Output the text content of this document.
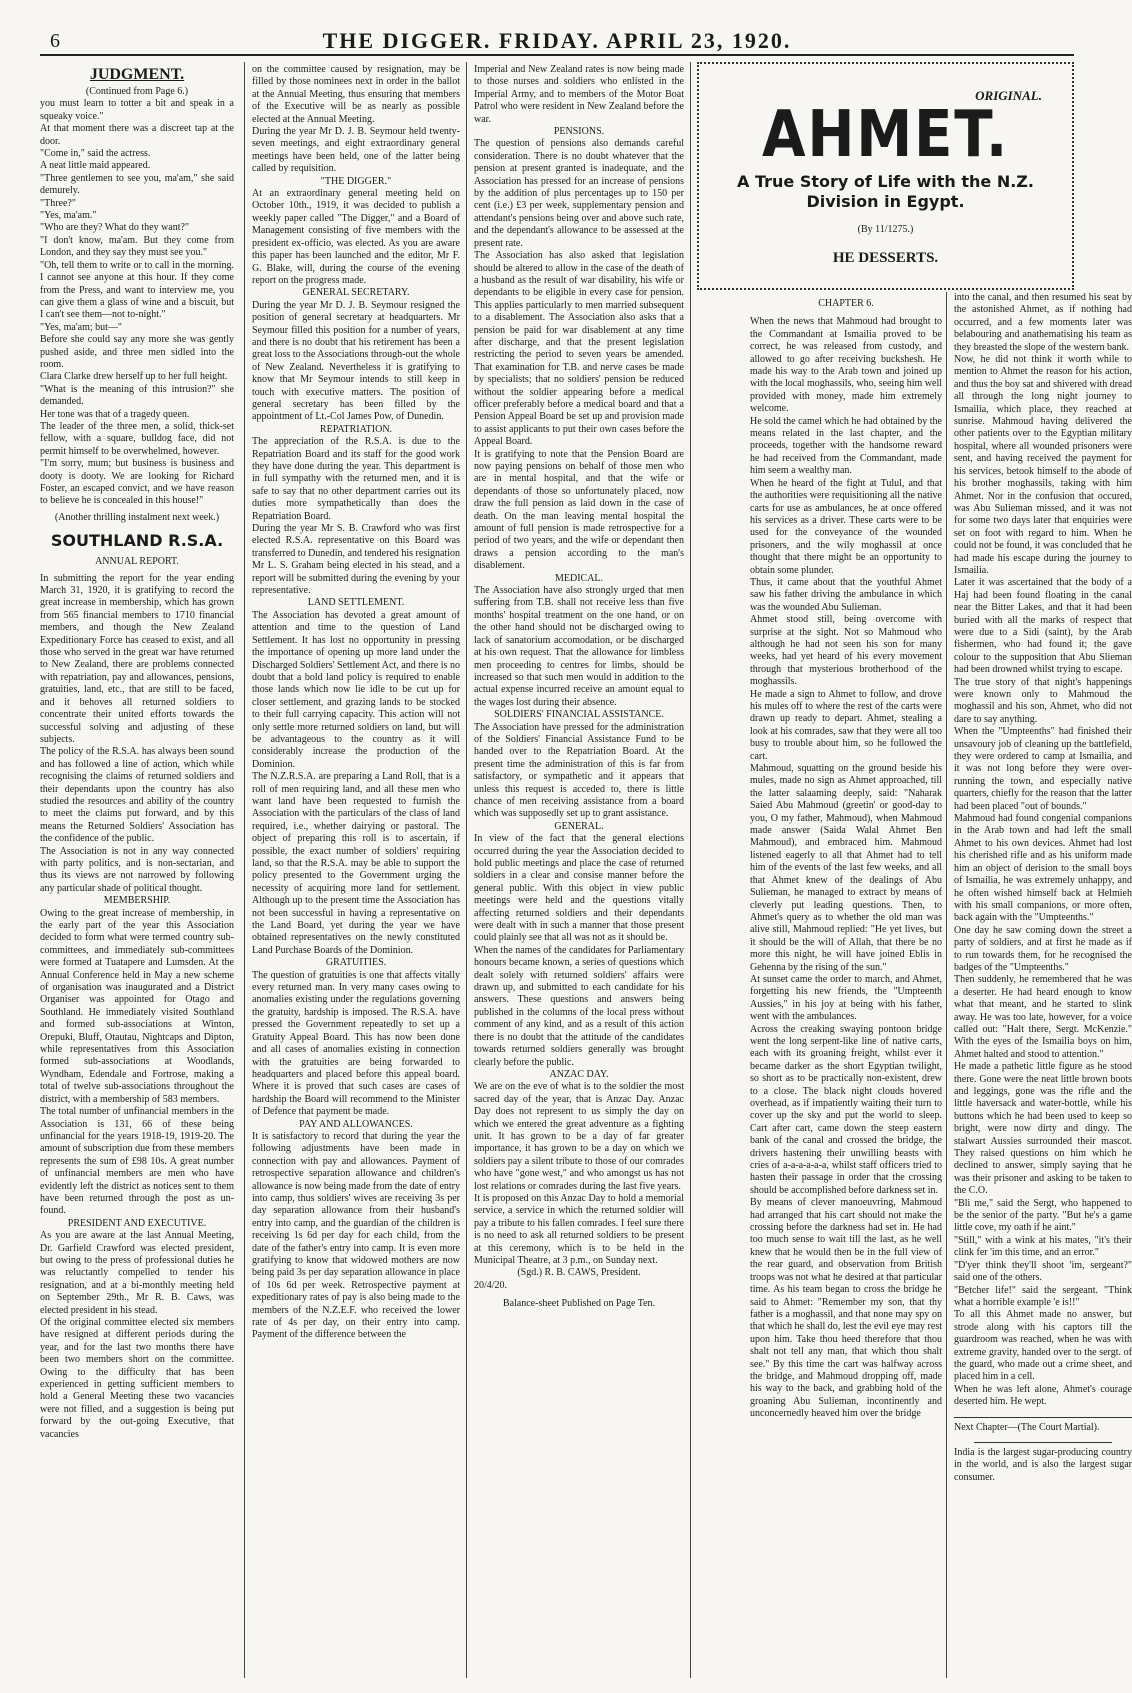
6	THE DIGGER. FRIDAY. APRIL 23, 1920.
JUDGMENT.
(Continued from Page 6.)
you must learn to totter a bit and speak in a squeaky voice."
At that moment there was a discreet tap at the door.
"Come in," said the actress.
A neat little maid appeared.
"Three gentlemen to see you, ma'am," she said demurely.
"Three?"
"Yes, ma'am."
"Who are they? What do they want?"
"I don't know, ma'am. But they come from London, and they say they must see you."
"Oh, tell them to write or to call in the morning. I cannot see anyone at this hour. If they come from the Press, and want to interview me, you can give them a glass of wine and a biscuit, but I can't see them—not to-night."
"Yes, ma'am; but—"
Before she could say any more she was gently pushed aside, and three men sidled into the room.
Clara Clarke drew herself up to her full height.
"What is the meaning of this intrusion?" she demanded.
Her tone was that of a tragedy queen.
The leader of the three men, a solid, thick-set fellow, with a square, bulldog face, did not permit himself to be overwhelmed, however.
"I'm sorry, mum; but business is business and dooty is dooty. We are looking for Richard Foster, an escaped convict, and we have reason to believe he is concealed in this house!"
(Another thrilling instalment next week.)
SOUTHLAND R.S.A.
ANNUAL REPORT.
In submitting the report for the year ending March 31, 1920, it is gratifying to record the great increase in membership, which has grown from 565 financial members to 1710 financial members, and though the New Zealand Expeditionary Force has ceased to exist, and all those who served in the great war have returned to New Zealand, there are problems connected with repatriation, pay and allowances, pensions, gratuities, land, etc., that are still to be faced, and it behoves all returned soldiers to concentrate their united efforts towards the successful solving and adjusting of these subjects.
The policy of the R.S.A. has always been sound and has followed a line of action, which while recognising the claims of returned soldiers and their dependants upon the country has also studied the resources and ability of the country to meet the claims put forward, and by this means the Returned Soldiers' Association has the confidence of the public.
The Association is not in any way connected with party politics, and is non-sectarian, and thus its views are not narrowed by following any particular shade of political thought.
MEMBERSHIP.
Owing to the great increase of membership, in the early part of the year this Association decided to form what were termed country sub-committees, and immediately sub-committees were formed at Tuatapere and Lumsden. At the Annual Conference held in May a new scheme of organisation was inaugurated and a District Organiser was appointed for Otago and Southland. He immediately visited Southland and formed sub-associations at Winton, Orepuki, Bluff, Otautau, Nightcaps and Dipton, while representatives from this Association formed sub-associations at Woodlands, Wyndham, Edendale and Fortrose, making a total of twelve sub-associations throughout the district, with a membership of 583 members.
The total number of unfinancial members in the Association is 131, 66 of these being unfinancial for the years 1918-19, 1919-20. The amount of subscription due from these members represents the sum of £98 10s. A great number of unfinancial members are men who have evidently left the district as notices sent to them have been returned through the post as un-found.
PRESIDENT AND EXECUTIVE.
As you are aware at the last Annual Meeting, Dr. Garfield Crawford was elected president, but owing to the press of professional duties he was reluctantly compelled to tender his resignation, and at a bi-monthly meeting held on September 29th., Mr R. B. Caws, was elected president in his stead.
Of the original committee elected six members have resigned at different periods during the year, and for the last two months there have been two members short on the committee. Owing to the difficulty that has been experienced in getting sufficient members to hold a General Meeting these two vacancies were not filled, and a suggestion is being put forward by the out-going Executive, that vacancies
on the committee caused by resignation, may be filled by those nominees next in order in the ballot at the Annual Meeting, thus ensuring that members of the Executive will be as nearly as possible elected at the Annual Meeting.
During the year Mr D. J. B. Seymour held twenty-seven meetings, and eight extraordinary general meetings have been held, one of the latter being called by requisition.
"THE DIGGER."
At an extraordinary general meeting held on October 10th., 1919, it was decided to publish a weekly paper called "The Digger," and a Board of Management consisting of five members with the president ex-officio, was elected. As you are aware this paper has been launched and the editor, Mr F. G. Blake, will, during the course of the evening report on the progress made.
GENERAL SECRETARY.
During the year Mr D. J. B. Seymour resigned the position of general secretary at headquarters. Mr Seymour filled this position for a number of years, and there is no doubt that his retirement has been a great loss to the Associations through-out the whole of New Zealand. Nevertheless it is gratifying to know that Mr Seymour intends to still keep in touch with executive matters. The position of general secretary has been filled by the appointment of Lt.-Col James Pow, of Dunedin.
REPATRIATION.
The appreciation of the R.S.A. is due to the Repatriation Board and its staff for the good work they have done during the year. This department is in full sympathy with the returned men, and it is safe to say that no other department carries out its duties more sympathetically than does the Repatriation Board.
During the year Mr S. B. Crawford who was first elected R.S.A. representative on this Board was transferred to Dunedin, and tendered his resignation Mr L. S. Graham being elected in his stead, and a report will be submitted during the evening by your representative.
LAND SETTLEMENT.
The Association has devoted a great amount of attention and time to the question of Land Settlement. It has lost no opportunity in pressing the importance of opening up more land under the Discharged Soldiers' Settlement Act, and there is no doubt that a bold land policy is required to enable those lands which now lie idle to be cut up for closer settlement, and grazing lands to be stocked to their full carrying capacity. This action will not only settle more returned soldiers on land, but will be advantageous to the country as it will considerably increase the production of the Dominion.
The N.Z.R.S.A. are preparing a Land Roll, that is a roll of men requiring land, and all these men who want land have been requested to furnish the Association with the particulars of the class of land required, i.e., whether dairying or pastoral. The object of preparing this roll is to ascertain, if possible, the exact number of soldiers' requiring land, so that the R.S.A. may be able to support the policy presented to the Government urging the necessity of acquiring more land for settlement. Although up to the present time the Association has not been successful in having a representative on the Land Board, yet during the year we have obtained representatives on the newly constituted Land Purchase Boards of the Dominion.
GRATUITIES.
The question of gratuities is one that affects vitally every returned man. In very many cases owing to anomalies existing under the regulations governing the gratuity, hardship is imposed. The R.S.A. have pressed the Government repeatedly to set up a Gratuity Appeal Board. This has now been done and all cases of anomalies existing in connection with the gratuities are being forwarded to headquarters and placed before this appeal board. Where it is proved that such cases are cases of hardship the Board will recommend to the Minister of Defence that payment be made.
PAY AND ALLOWANCES.
It is satisfactory to record that during the year the following adjustments have been made in connection with pay and allowances. Payment of retrospective separation allowance and children's allowance is now being made from the date of entry into camp, thus soldiers' wives are receiving 3s per day separation allowance from their husband's entry into camp, and the guardian of the children is receiving 1s 6d per day for each child, from the date of the father's entry into camp. It is even more gratifying to know that widowed mothers are now being paid 3s per day separation allowance in place of 10s 6d per week. Retrospective payment at expeditionary rates of pay is also being made to the members of the N.Z.E.F. who received the lower rate of 4s per day, on their entry into camp. Payment of the difference between the
Imperial and New Zealand rates is now being made to those nurses and soldiers who enlisted in the Imperial Army, and to members of the Motor Boat Patrol who were resident in New Zealand before the war.
PENSIONS.
The question of pensions also demands careful consideration. There is no doubt whatever that the pension at present granted is inadequate, and the Association has pressed for an increase of pensions by the addition of plus percentages up to 150 per cent (i.e.) £3 per week, supplementary pension and attendant's pensions being over and above such rate, and the dependant's allowance to be assessed at the present rate.
The Association has also asked that legislation should be altered to allow in the case of the death of a husband as the result of war disability, his wife or dependants to be eligible in every case for pension. This applies particularly to men married subsequent to a disablement. The Association also asks that a pension be paid for war disablement at any time after discharge, and that the present legislation restricting the period to seven years be amended. That examination for T.B. and nerve cases be made by specialists; that no soldiers' pension be reduced without the soldier appearing before a medical officer preferably before a medical board and that a Pension Appeal Board be set up and provision made to assist applicants to put their own cases before the Appeal Board.
It is gratifying to note that the Pension Board are now paying pensions on behalf of those men who are in mental hospital, and that the wife or dependants of those so unfortunately placed, now draw the full pension as laid down in the case of death. On the man leaving mental hospital the amount of full pension is made retrospective for a period of two years, and the wife or dependant then draws a pension according to the man's disablement.
MEDICAL.
The Association have also strongly urged that men suffering from T.B. shall not receive less than five months' hospital treatment on the one hand, or on the other hand should not be discharged owing to lack of sanatorium accomodation, or be discharged at his own request. That the allowance for limbless men proceeding to centres for limbs, should be increased so that such men would in addition to the actual expense incurred receive an amount equal to the wages lost during their absence.
SOLDIERS' FINANCIAL ASSISTANCE.
The Association have pressed for the administration of the Soldiers' Financial Assistance Fund to be handed over to the Repatriation Board. At the present time the administration of this is far from satisfactory, or sympathetic and it appears that unless this request is acceded to, there is little chance of men receiving assistance from a board which was supposedly set up to grant assistance.
GENERAL.
In view of the fact that the general elections occurred during the year the Association decided to hold public meetings and place the case of returned soldiers in a clear and consise manner before the general public. With this object in view public meetings were held and the questions vitally affecting returned soldiers and their dependants were dealt with in such a manner that those present could plainly see that all was not as it should be.
When the names of the candidates for Parliamentary honours became known, a series of questions which dealt solely with returned soldiers' affairs were drawn up, and submitted to each candidate for his answers. These questions and answers being published in the columns of the local press without comment of any kind, and as a result of this action there is no doubt that the attitude of the candidates towards returned soldiers generally was brought clearly before the public.
ANZAC DAY.
We are on the eve of what is to the soldier the most sacred day of the year, that is Anzac Day. Anzac Day does not represent to us simply the day on which we entered the great adventure as a fighting unit. It has grown to be a day of far greater importance, it has grown to be a day on which we soldiers pay a silent tribute to those of our comrades who have "gone west," and who amongst us has not lost relations or comrades during the last five years.
It is proposed on this Anzac Day to hold a memorial service, a service in which the returned soldier will pay a tribute to his fallen comrades. I feel sure there is no need to ask all returned soldiers to be present at this ceremony, which is to be held in the Municipal Theatre, at 3 p.m., on Sunday next.
(Sgd.) R. B. CAWS, President.
20/4/20.
Balance-sheet Published on Page Ten.
ORIGINAL.
AHMET.
A True Story of Life with the N.Z. Division in Egypt.
(By 11/1275.)
HE DESSERTS.
CHAPTER 6.
When the news that Mahmoud had brought to the Commandant at Ismailia proved to be correct, he was released from custody, and allowed to go after receiving buckshesh. He made his way to the Arab town and joined up with the local moghassils, who, seeing him well provided with money, made him extremely welcome.
He sold the camel which he had obtained by the means related in the last chapter, and the proceeds, together with the handsome reward he had received from the Commandant, made him seem a wealthy man.
When he heard of the fight at Tulul, and that the authorities were requisitioning all the native carts for use as ambulances, he at once offered his services as a driver. These carts were to be used for the conveyance of the wounded prisoners, and the wily moghassil at once thought that there might be an opportunity to obtain some plunder.
Thus, it came about that the youthful Ahmet saw his father driving the ambulance in which was the wounded Abu Sulieman.
Ahmet stood still, being overcome with surprise at the sight. Not so Mahmoud who although he had not seen his son for many weeks, had yet heard of his every movement through that mysterious brotherhood of the moghassils.
He made a sign to Ahmet to follow, and drove his mules off to where the rest of the carts were drawn up ready to depart. Ahmet, stealing a look at his comrades, saw that they were all too busy to trouble about him, so he followed the cart.
Mahmoud, squatting on the ground beside his mules, made no sign as Ahmet approached, till the latter salaaming deeply, said: "Naharak Saied Abu Mahmoud (greetin' or good-day to you, O my father, Mahmoud), when Mahmoud made answer (Saida Walal Ahmet Ben Mahmoud), and embraced him. Mahmoud listened eagerly to all that Ahmet had to tell him of the events of the last few weeks, and all that Ahmet knew of the dealings of Abu Sulieman, he managed to extract by means of cleverly put leading questions. Then, to Ahmet's query as to whether the old man was alive still, Mahmoud replied: "He yet lives, but it should be the will of Allah, that there be no more this night, he will have joined Eblis in Gehenna by the rising of the sun."
At sunset came the order to march, and Ahmet, forgetting his new friends, the "Umpteenth Aussies," in his joy at being with his father, went with the ambulances.
Across the creaking swaying pontoon bridge went the long serpent-like line of native carts, each with its groaning freight, whilst ever it became darker as the short Egyptian twilight, so short as to be practically non-existent, drew to a close. The black night clouds hovered overhead, as if impatiently waiting their turn to cover up the sky and put the world to sleep. Cart after cart, came down the steep eastern bank of the canal and crossed the bridge, the drivers hastening their unwilling beasts with cries of a-a-a-a-a-a, whilst staff officers tried to hasten their passage in order that the crossing should be accomplished before darkness set in.
By means of clever manoeuvring, Mahmoud had arranged that his cart should not make the crossing before the darkness had set in. He had too much sense to wait till the last, as he well knew that he would then be in the full view of the rear guard, and observation from British troops was not what he desired at that particular time. As his team began to cross the bridge he said to Ahmet: "Remember my son, that thy father is a moghassil, and that none may spy on that which he shall do, lest the evil eye may rest upon him. Take thou heed therefore that thou shalt not tell any man, that which thou shalt see." By this time the cart was halfway across the bridge, and Mahmoud dropping off, made his way to the back, and grabbing hold of the groaning Abu Sulieman, incontinently and unconcernedly heaved him over the bridge
into the canal, and then resumed his seat by the astonished Ahmet, as if nothing had occurred, and a few moments later was belabouring and anathematising his team as they breasted the slope of the western bank.
Now, he did not think it worth while to mention to Ahmet the reason for his action, and thus the boy sat and shivered with dread all through the long night journey to Ismailia, which place, they reached at sunrise. Mahmoud having delivered the other patients over to the Egyptian military hospital, where all wounded prisoners were sent, and having received the payment for his services, betook himself to the abode of his brother moghassils, taking with him Ahmet. Nor in the confusion that occured, was Abu Sulieman missed, and it was not for some two days later that enquiries were set on foot with regard to him. When he could not be found, it was concluded that he had made his escape during the journey to Ismailia.
Later it was ascertained that the body of a Haj had been found floating in the canal near the Bitter Lakes, and that it had been buried with all the marks of respect that were due to a Sidi (saint), by the Arab fishermen, who had found it; the gave colour to the supposition that Abu Slieman had been drowned whilst trying to escape.
The true story of that night's happenings were known only to Mahmoud the moghassil and his son, Ahmet, who did not dare to say anything.
When the "Umpteenths" had finished their unsavoury job of cleaning up the battlefield, they were ordered to camp at Ismailia, and it was not long before they were over-running the town, and especially native quarters, chiefly for the reason that the latter had been placed "out of bounds."
Mahmoud had found congenial companions in the Arab town and had left the small Ahmet to his own devices. Ahmet had lost his cherished rifle and as his uniform made him an object of derision to the small boys of Ismailia, he was extremely unhappy, and he often wished himself back at Helmieh with his small companions, or more often, back again with the "Umpteenths."
One day he saw coming down the street a party of soldiers, and at first he made as if to run towards them, for he recognised the badges of the "Umpteenths."
Then suddenly, he remembered that he was a deserter. He had heard enough to know what that meant, and he started to slink away. He was too late, however, for a voice called out: "Halt there, Sergt. McKenzie." With the eyes of the Ismailia boys on him, Ahmet halted and stood to attention."
He made a pathetic little figure as he stood there. Gone were the neat little brown boots and leggings, gone was the rifle and the little haversack and water-bottle, while his buttons which he had been used to keep so bright, were now dirty and dingy. The stalwart Aussies surrounded their mascot. They raised questions on him which he declined to answer, simply saying that he was their prisoner and asking to be taken to the C.O.
"Bli me," said the Sergt, who happened to be the senior of the party. "But he's a game little cove, my oath if he aint."
"Still," with a wink at his mates, "it's their clink fer 'im this time, and an error."
"D'yer think they'll shoot 'im, sergeant?" said one of the others.
"Betcher life!" said the sergeant. "Think what a horrible example 'e is!!"
To all this Ahmet made no answer, but strode along with his captors till the guardroom was reached, when he was with extreme gravity, handed over to the sergt. of the guard, who made out a crime sheet, and placed him in a cell.
When he was left alone, Ahmet's courage deserted him. He wept.
Next Chapter—(The Court Martial).
India is the largest sugar-producing country in the world, and is also the largest sugar consumer.
